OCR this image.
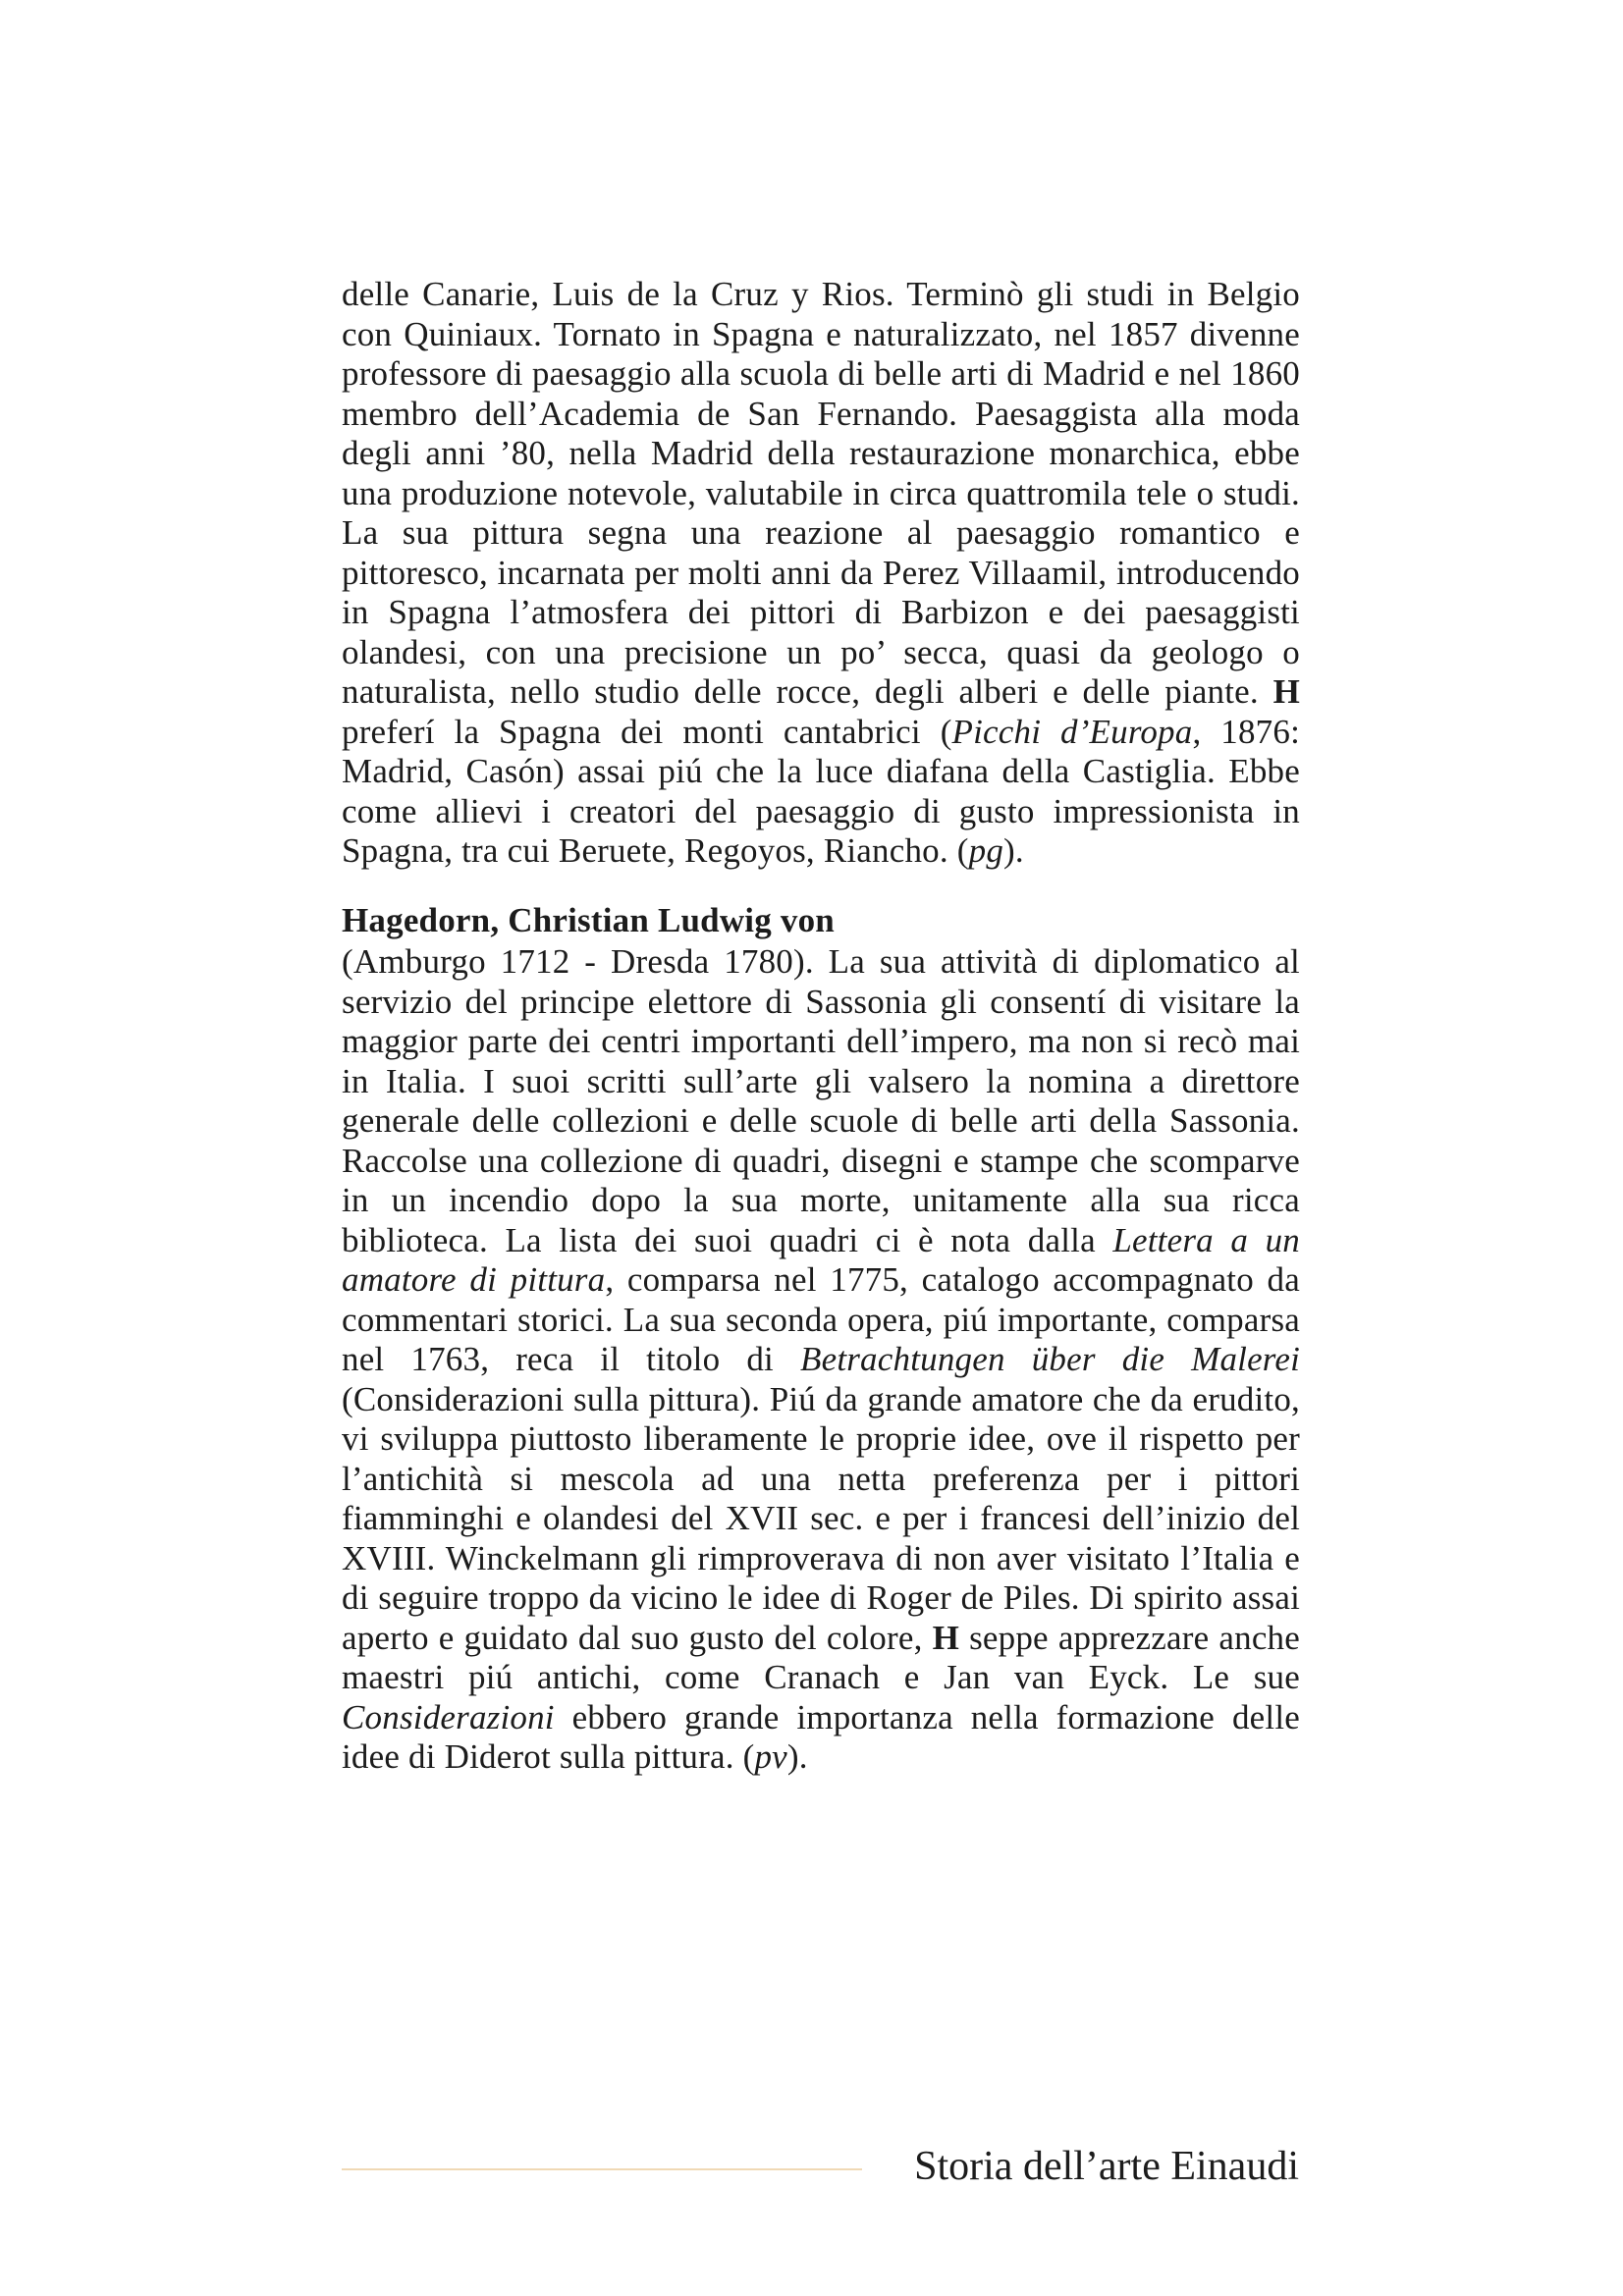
delle Canarie, Luis de la Cruz y Rios. Terminò gli studi in Belgio con Quiniaux. Tornato in Spagna e naturalizzato, nel 1857 divenne professore di paesaggio alla scuola di belle arti di Madrid e nel 1860 membro dell’Academia de San Fernando. Paesaggista alla moda degli anni ’80, nella Madrid della restaurazione monarchica, ebbe una produzione notevole, valutabile in circa quattromila tele o studi. La sua pittura segna una reazione al paesaggio romantico e pittoresco, incarnata per molti anni da Perez Villaamil, introducendo in Spagna l’atmosfera dei pittori di Barbizon e dei paesaggisti olandesi, con una precisione un po’ secca, quasi da geologo o naturalista, nello studio delle rocce, degli alberi e delle piante. H preferí la Spagna dei monti cantabrici (Picchi d’Europa, 1876: Madrid, Casón) assai piú che la luce diafana della Castiglia. Ebbe come allievi i creatori del paesaggio di gusto impressionista in Spagna, tra cui Beruete, Regoyos, Riancho. (pg).

Hagedorn, Christian Ludwig von

(Amburgo 1712 - Dresda 1780). La sua attività di diplomatico al servizio del principe elettore di Sassonia gli consentí di visitare la maggior parte dei centri importanti dell’impero, ma non si recò mai in Italia. I suoi scritti sull’arte gli valsero la nomina a direttore generale delle collezioni e delle scuole di belle arti della Sassonia. Raccolse una collezione di quadri, disegni e stampe che scomparve in un incendio dopo la sua morte, unitamente alla sua ricca biblioteca. La lista dei suoi quadri ci è nota dalla Lettera a un amatore di pittura, comparsa nel 1775, catalogo accompagnato da commentari storici. La sua seconda opera, piú importante, comparsa nel 1763, reca il titolo di Betrachtungen über die Malerei (Considerazioni sulla pittura). Piú da grande amatore che da erudito, vi sviluppa piuttosto liberamente le proprie idee, ove il rispetto per l’antichità si mescola ad una netta preferenza per i pittori fiamminghi e olandesi del XVII sec. e per i francesi dell’inizio del XVIII. Winckelmann gli rimproverava di non aver visitato l’Italia e di seguire troppo da vicino le idee di Roger de Piles. Di spirito assai aperto e guidato dal suo gusto del colore, H seppe apprezzare anche maestri piú antichi, come Cranach e Jan van Eyck. Le sue Considerazioni ebbero grande importanza nella formazione delle idee di Diderot sulla pittura. (pv).

Storia dell’arte Einaudi
